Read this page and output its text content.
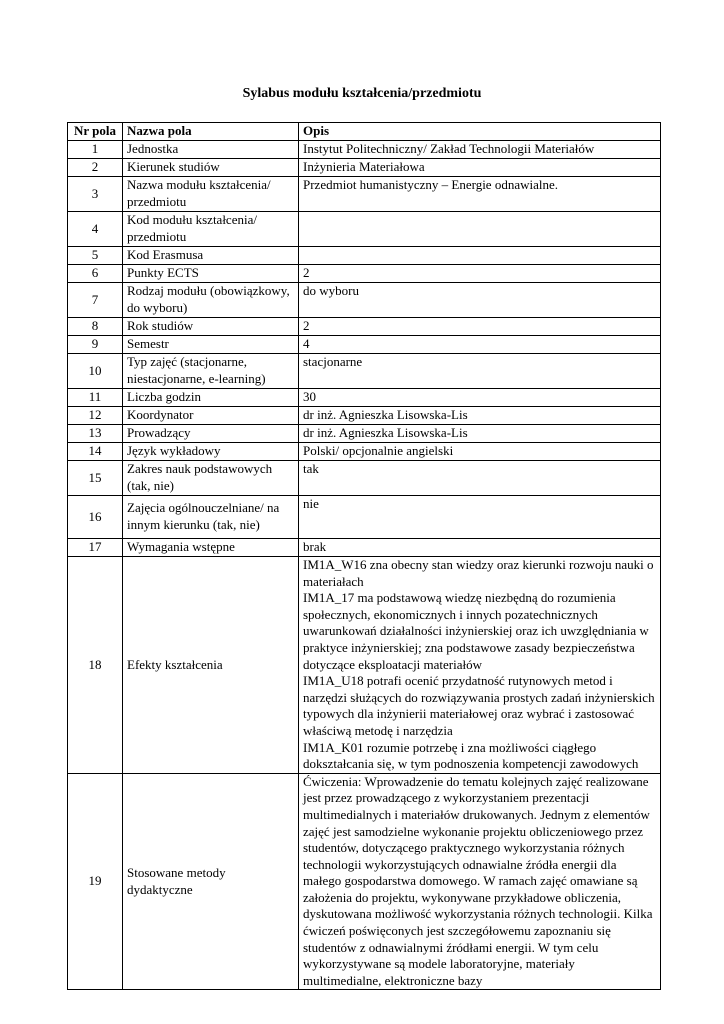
Sylabus modułu kształcenia/przedmiotu
Nr pola	Nazwa pola	Opis
1	Jednostka	Instytut Politechniczny/ Zakład Technologii Materiałów
2	Kierunek studiów	Inżynieria Materiałowa
3	Nazwa modułu kształcenia/ przedmiotu	Przedmiot humanistyczny – Energie odnawialne.
4	Kod modułu kształcenia/ przedmiotu	
5	Kod Erasmusa	
6	Punkty ECTS	2
7	Rodzaj modułu (obowiązkowy, do wyboru)	do wyboru
8	Rok studiów	2
9	Semestr	4
10	Typ zajęć (stacjonarne, niestacjonarne, e-learning)	stacjonarne
11	Liczba godzin	30
12	Koordynator	dr inż. Agnieszka Lisowska-Lis
13	Prowadzący	dr inż. Agnieszka Lisowska-Lis
14	Język wykładowy	Polski/ opcjonalnie angielski
15	Zakres nauk podstawowych (tak, nie)	tak
16	Zajęcia ogólnouczelniane/ na innym kierunku (tak, nie)	nie
17	Wymagania wstępne	brak
18	Efekty kształcenia	IM1A_W16 zna obecny stan wiedzy oraz kierunki rozwoju nauki o materiałach
IM1A_17 ma podstawową wiedzę niezbędną do rozumienia społecznych, ekonomicznych i innych pozatechnicznych uwarunkowań działalności inżynierskiej oraz ich uwzględniania w praktyce inżynierskiej; zna podstawowe zasady bezpieczeństwa dotyczące eksploatacji materiałów
IM1A_U18 potrafi ocenić przydatność rutynowych metod i narzędzi służących do rozwiązywania prostych zadań inżynierskich typowych dla inżynierii materiałowej oraz wybrać i zastosować właściwą metodę i narzędzia
IM1A_K01 rozumie potrzebę i zna możliwości ciągłego dokształcania się, w tym podnoszenia kompetencji zawodowych

19	Stosowane metody dydaktyczne	Ćwiczenia: Wprowadzenie do tematu kolejnych zajęć realizowane jest przez prowadzącego z wykorzystaniem prezentacji multimedialnych i materiałów drukowanych. Jednym z elementów zajęć jest samodzielne wykonanie projektu obliczeniowego przez studentów, dotyczącego praktycznego wykorzystania różnych technologii wykorzystujących odnawialne źródła energii dla małego gospodarstwa domowego. W ramach zajęć omawiane są założenia do projektu, wykonywane przykładowe obliczenia, dyskutowana możliwość wykorzystania różnych technologii. Kilka ćwiczeń poświęconych jest szczegółowemu zapoznaniu się studentów z odnawialnymi źródłami energii. W tym celu wykorzystywane są modele laboratoryjne, materiały multimedialne, elektroniczne bazy
